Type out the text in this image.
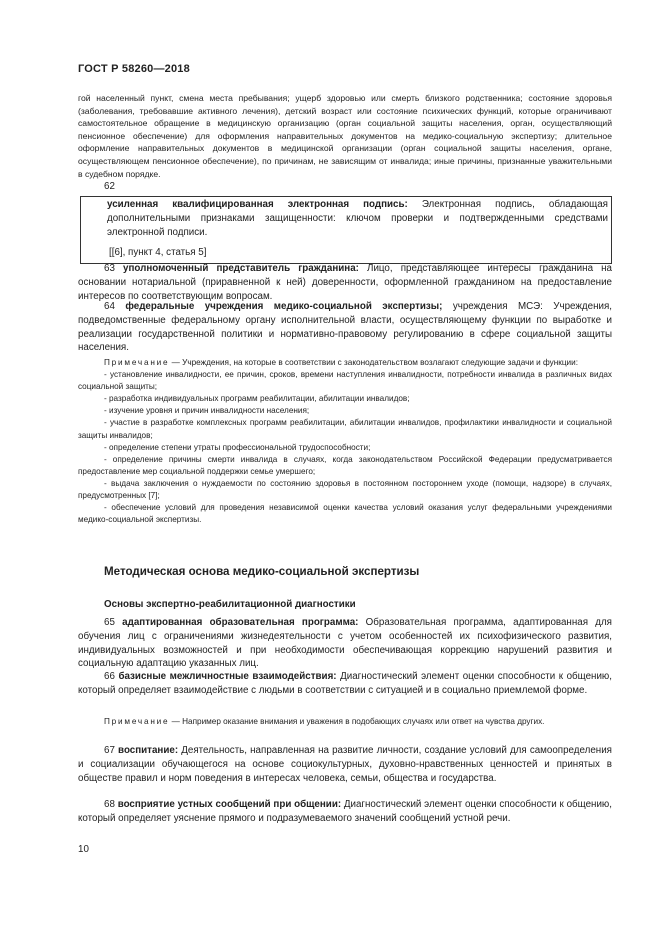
ГОСТ Р 58260—2018

гой населенный пункт, смена места пребывания; ущерб здоровью или смерть близкого родственника; состояние здоровья (заболевания, требовавшие активного лечения), детский возраст или состояние психических функций, которые ограничивают самостоятельное обращение в медицинскую организацию (орган социальной защиты населения, орган, осуществляющий пенсионное обеспечение) для оформления направительных документов на медико-социальную экспертизу; длительное оформление направительных документов в медицинской организации (орган социальной защиты населения, органе, осуществляющем пенсионное обеспечение), по причинам, не зависящим от инвалида; иные причины, признанные уважительными в судебном порядке.

62

усиленная квалифицированная электронная подпись: Электронная подпись, обладающая дополнительными признаками защищенности: ключом проверки и подтвержденными средствами электронной подписи.

[[6], пункт 4, статья 5]

63 уполномоченный представитель гражданина: Лицо, представляющее интересы гражданина на основании нотариальной (приравненной к ней) доверенности, оформленной гражданином на предоставление интересов по соответствующим вопросам.

64 федеральные учреждения медико-социальной экспертизы; учреждения МСЭ: Учреждения, подведомственные федеральному органу исполнительной власти, осуществляющему функции по выработке и реализации государственной политики и нормативно-правовому регулированию в сфере социальной защиты населения.

Примечание — Учреждения, на которые в соответствии с законодательством возлагают следующие задачи и функции:

- установление инвалидности, ее причин, сроков, времени наступления инвалидности, потребности инвалида в различных видах социальной защиты;

- разработка индивидуальных программ реабилитации, абилитации инвалидов;

- изучение уровня и причин инвалидности населения;

- участие в разработке комплексных программ реабилитации, абилитации инвалидов, профилактики инвалидности и социальной защиты инвалидов;

- определение степени утраты профессиональной трудоспособности;

- определение причины смерти инвалида в случаях, когда законодательством Российской Федерации предусматривается предоставление мер социальной поддержки семье умершего;

- выдача заключения о нуждаемости по состоянию здоровья в постоянном постороннем уходе (помощи, надзоре) в случаях, предусмотренных [7];

- обеспечение условий для проведения независимой оценки качества условий оказания услуг федеральными учреждениями медико-социальной экспертизы.

Методическая основа медико-социальной экспертизы
Основы экспертно-реабилитационной диагностики

65 адаптированная образовательная программа: Образовательная программа, адаптированная для обучения лиц с ограничениями жизнедеятельности с учетом особенностей их психофизического развития, индивидуальных возможностей и при необходимости обеспечивающая коррекцию нарушений развития и социальную адаптацию указанных лиц.

66 базисные межличностные взаимодействия: Диагностический элемент оценки способности к общению, который определяет взаимодействие с людьми в соответствии с ситуацией и в социально приемлемой форме.

Примечание — Например оказание внимания и уважения в подобающих случаях или ответ на чувства других.

67 воспитание: Деятельность, направленная на развитие личности, создание условий для самоопределения и социализации обучающегося на основе социокультурных, духовно-нравственных ценностей и принятых в обществе правил и норм поведения в интересах человека, семьи, общества и государства.

68 восприятие устных сообщений при общении: Диагностический элемент оценки способности к общению, который определяет уяснение прямого и подразумеваемого значений сообщений устной речи.

10
